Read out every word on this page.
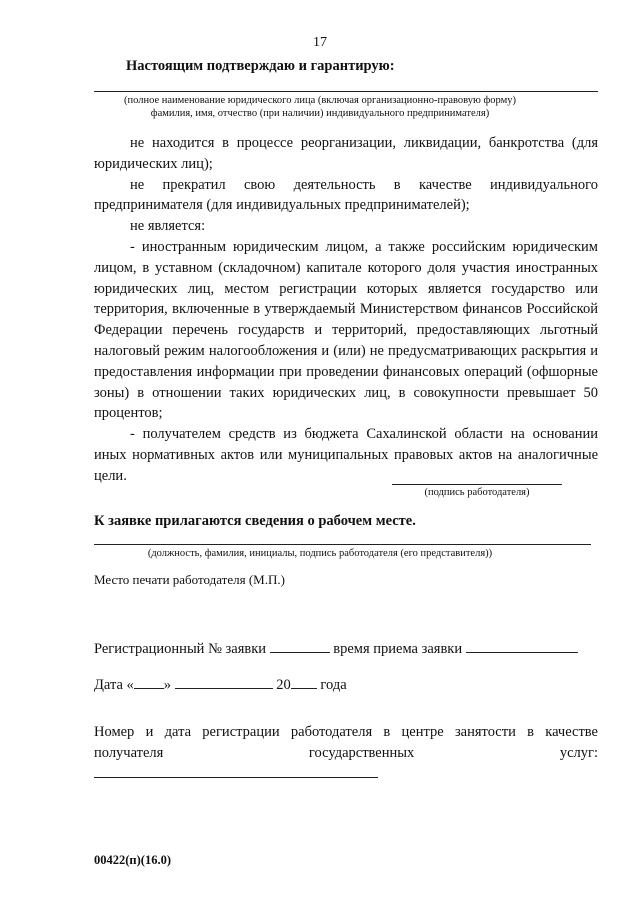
17
Настоящим подтверждаю и гарантирую:
(полное наименование юридического лица (включая организационно-правовую форму)
фамилия, имя, отчество (при наличии) индивидуального предпринимателя)

не находится в процессе реорганизации, ликвидации, банкротства (для юридических лиц);

не прекратил свою деятельность в качестве индивидуального предпринимателя (для индивидуальных предпринимателей);

не является:

- иностранным юридическим лицом, а также российским юридическим лицом, в уставном (складочном) капитале которого доля участия иностранных юридических лиц, местом регистрации которых является государство или территория, включенные в утверждаемый Министерством финансов Российской Федерации перечень государств и территорий, предоставляющих льготный налоговый режим налогообложения и (или) не предусматривающих раскрытия и предоставления информации при проведении финансовых операций (офшорные зоны) в отношении таких юридических лиц, в совокупности превышает 50 процентов;

- получателем средств из бюджета Сахалинской области на основании иных нормативных актов или муниципальных правовых актов на аналогичные цели.

(подпись работодателя)
К заявке прилагаются сведения о рабочем месте.
(должность, фамилия, инициалы, подпись работодателя (его представителя))
Место печати работодателя (М.П.)
Регистрационный № заявки	время приема заявки
Дата « »	20 года
Номер и дата регистрации работодателя в центре занятости в качестве получателя государственных услуг:
00422(п)(16.0)
